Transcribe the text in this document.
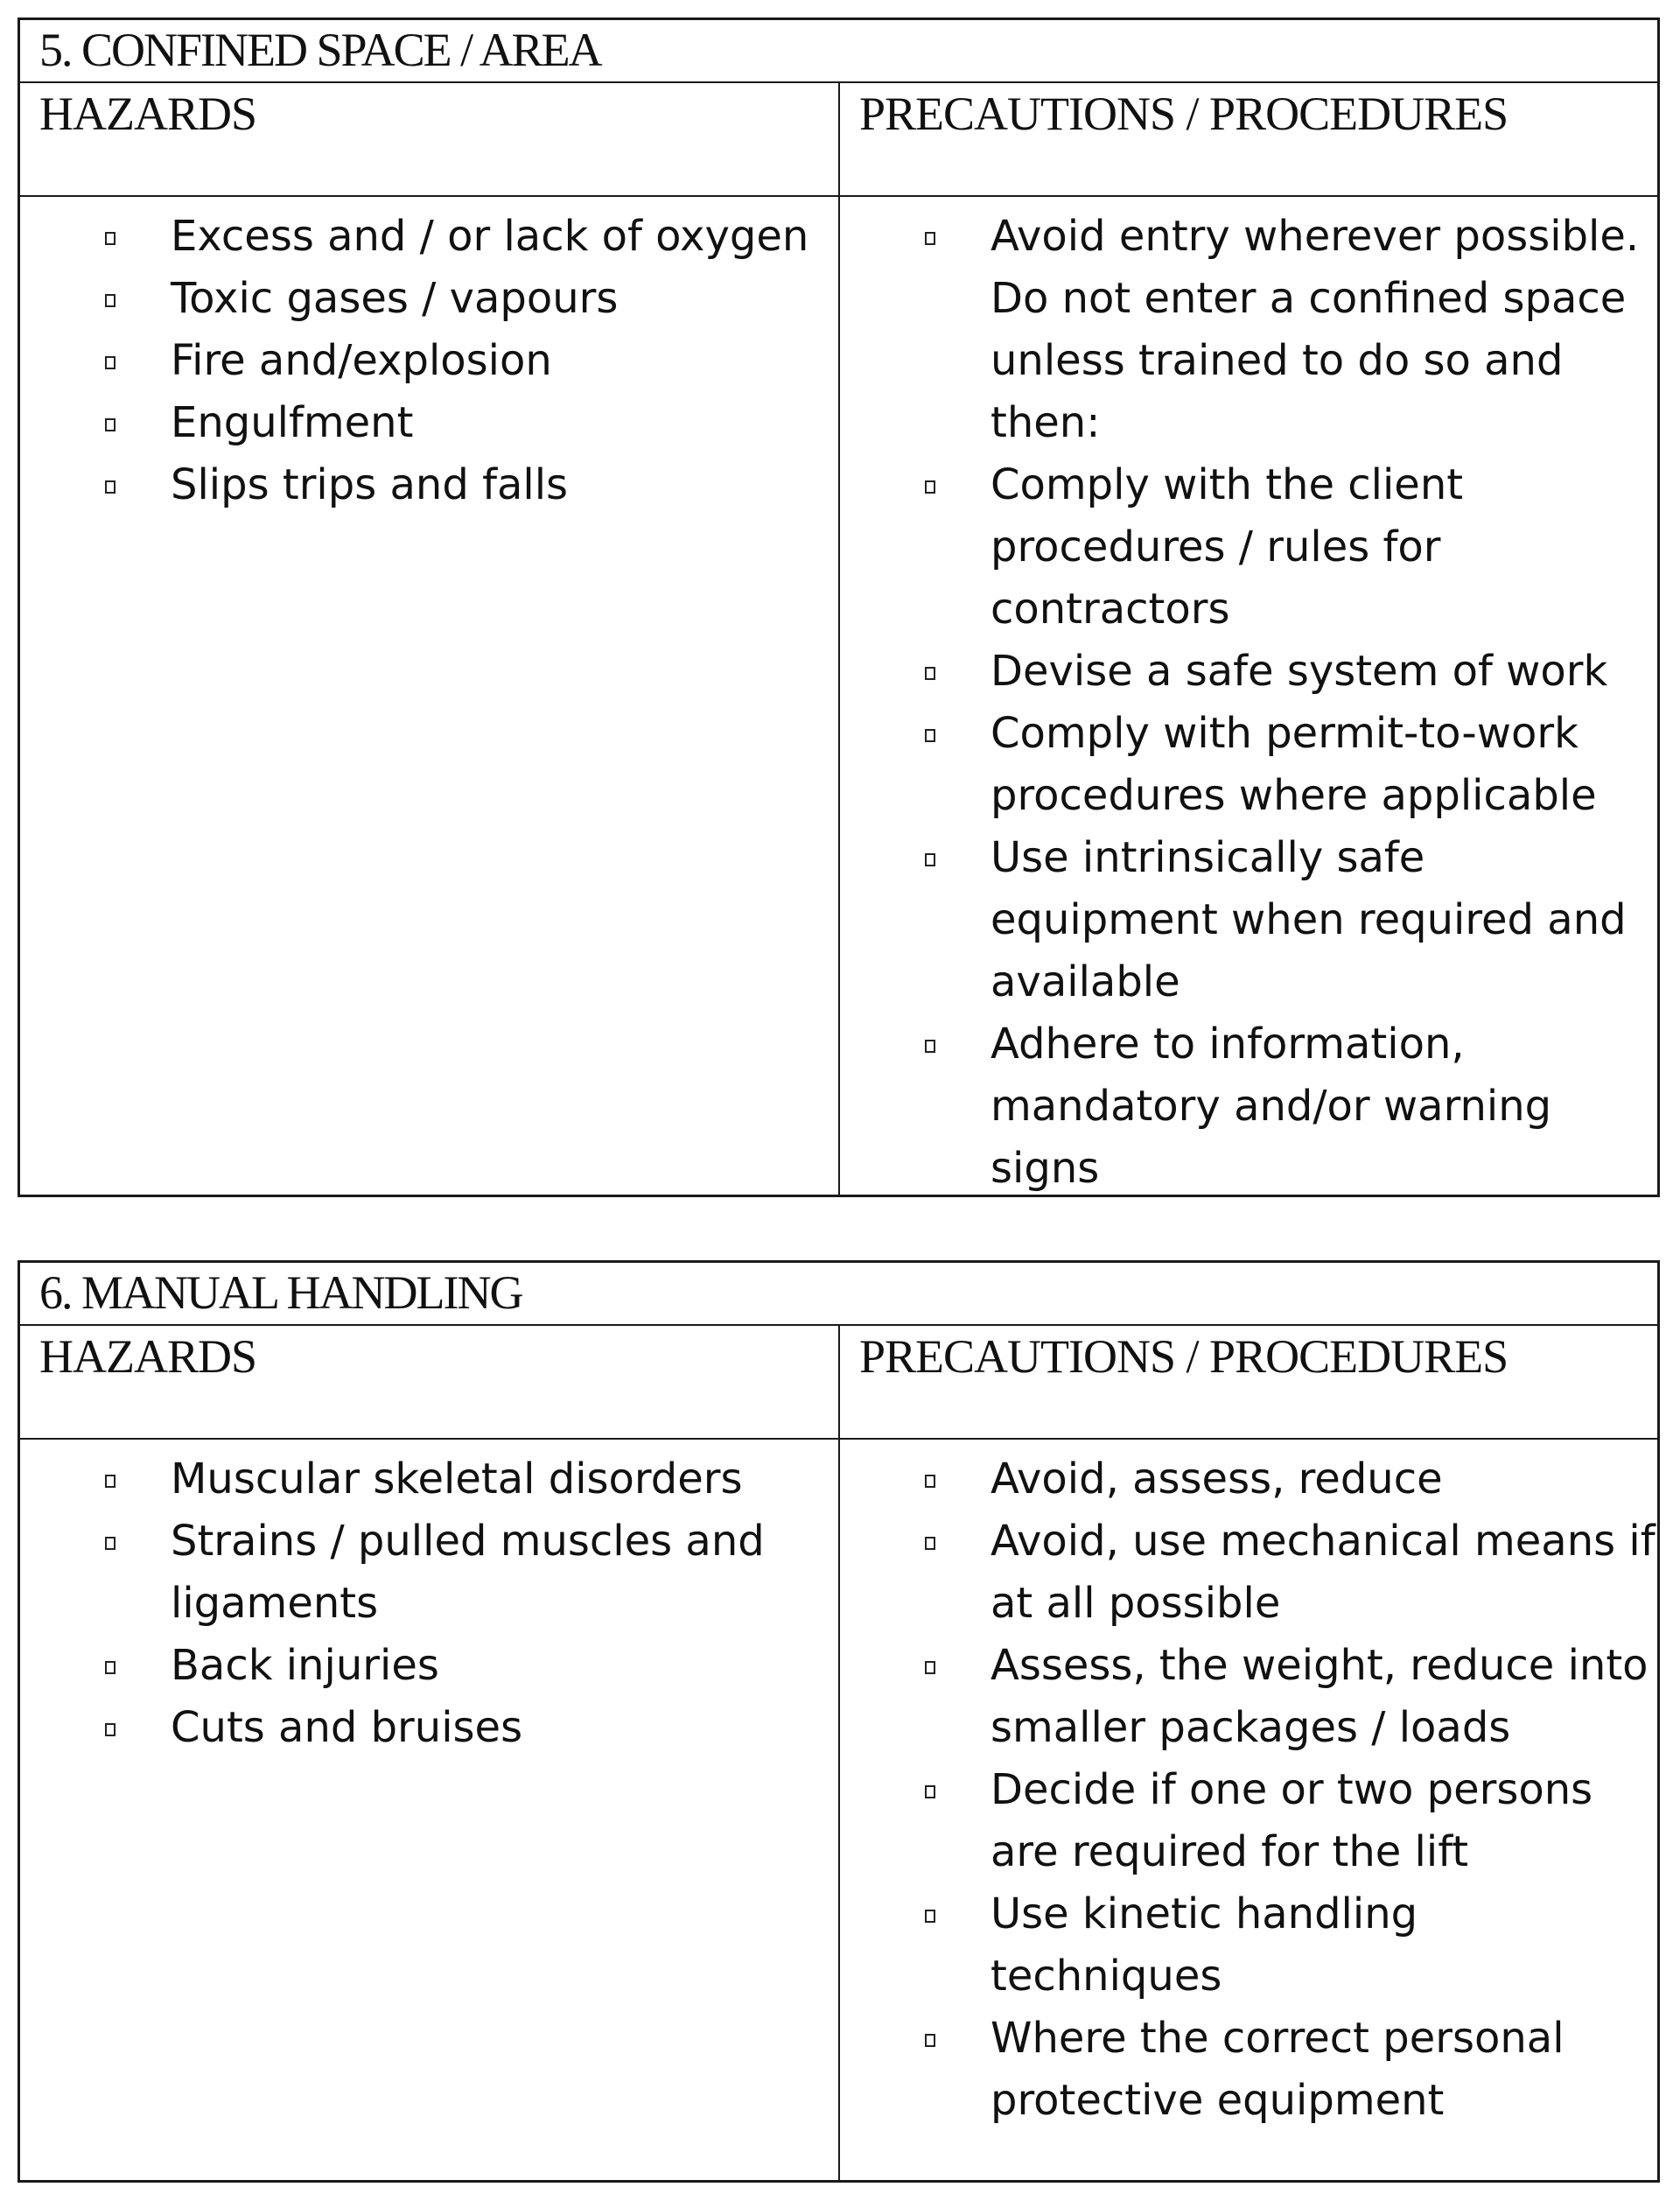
5. CONFINED SPACE / AREA
HAZARDS	PRECAUTIONS / PROCEDURES
Excess and / or lack of oxygen
Toxic gases / vapours
Fire and/explosion
Engulfment
Slips trips and falls
Avoid entry wherever possible.
Do not enter a confined space
unless trained to do so and
then:
Comply with the client
procedures / rules for
contractors
Devise a safe system of work
Comply with permit-to-work
procedures where applicable
Use intrinsically safe
equipment when required and
available
Adhere to information,
mandatory and/or warning
signs
6. MANUAL HANDLING
HAZARDS	PRECAUTIONS / PROCEDURES
Muscular skeletal disorders
Strains / pulled muscles and
ligaments
Back injuries
Cuts and bruises
Avoid, assess, reduce
Avoid, use mechanical means if
at all possible
Assess, the weight, reduce into
smaller packages / loads
Decide if one or two persons
are required for the lift
Use kinetic handling
techniques
Where the correct personal
protective equipment
